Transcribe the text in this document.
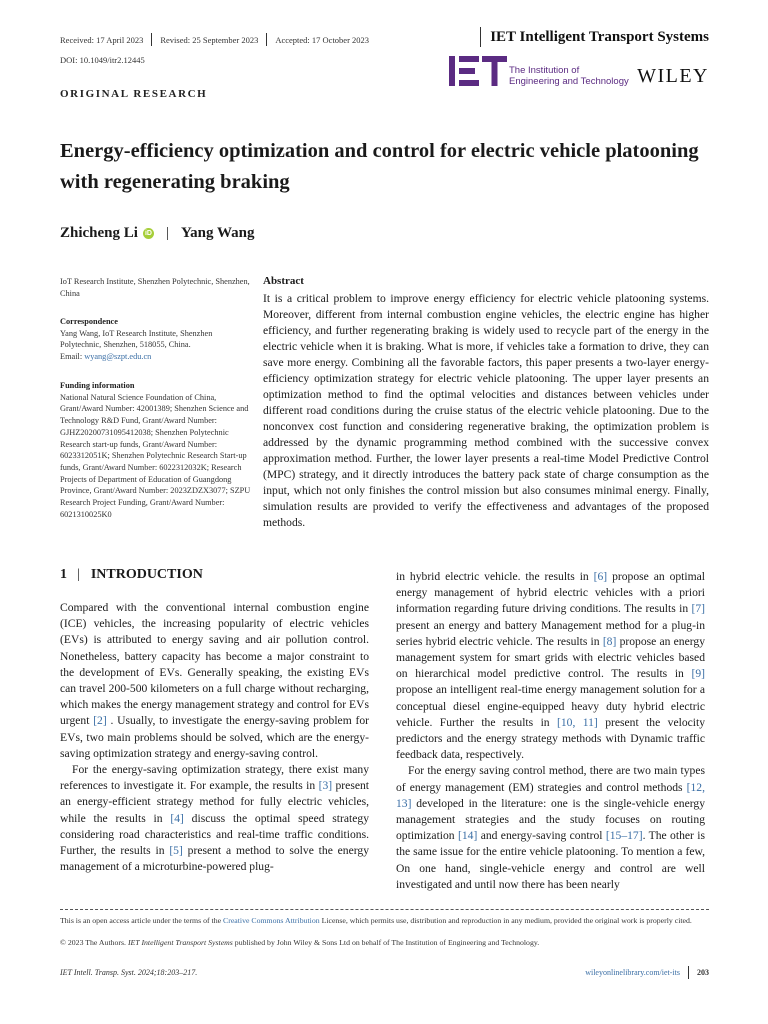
Received: 17 April 2023 Revised: 25 September 2023 Accepted: 17 October 2023	IET Intelligent Transport Systems
DOI: 10.1049/itr2.12445
The Institution of
Engineering and Technology WILEY
ORIGINAL RESEARCH
Energy-efficiency optimization and control for electric vehicle platooning with regenerating braking
Zhicheng Li iD | Yang Wang
IoT Research Institute, Shenzhen Polytechnic, Shenzhen, China
Correspondence
Yang Wang, IoT Research Institute, Shenzhen Polytechnic, Shenzhen, 518055, China.
Email: wyang@szpt.edu.cn
Funding information
National Natural Science Foundation of China, Grant/Award Number: 42001389; Shenzhen Science and Technology R&D Fund, Grant/Award Number: GJHZ20200731095412038; Shenzhen Polytechnic Research start-up funds, Grant/Award Number: 6023312051K; Shenzhen Polytechnic Research Start-up funds, Grant/Award Number: 6022312032K; Research Projects of Department of Education of Guangdong Province, Grant/Award Number: 2023ZDZX3077; SZPU Research Project Funding, Grant/Award Number: 6021310025K0
Abstract

It is a critical problem to improve energy efficiency for electric vehicle platooning systems. Moreover, different from internal combustion engine vehicles, the electric engine has higher efficiency, and further regenerating braking is widely used to recycle part of the energy in the electric vehicle when it is braking. What is more, if vehicles take a formation to drive, they can save more energy. Combining all the favorable factors, this paper presents a two-layer energy-efficiency optimization strategy for electric vehicle platooning. The upper layer presents an optimization method to find the optimal velocities and distances between vehicles under different road conditions during the cruise status of the electric vehicle platooning. Due to the nonconvex cost function and considering regenerative braking, the optimization problem is addressed by the dynamic programming method combined with the successive convex approximation method. Further, the lower layer presents a real-time Model Predictive Control (MPC) strategy, and it directly introduces the battery pack state of charge consumption as the input, which not only finishes the control mission but also consumes minimal energy. Finally, simulation results are provided to verify the effectiveness and advantages of the proposed methods.

1 | INTRODUCTION

Compared with the conventional internal combustion engine (ICE) vehicles, the increasing popularity of electric vehicles (EVs) is attributed to energy saving and air pollution control. Nonetheless, battery capacity has become a major constraint to the development of EVs. Generally speaking, the existing EVs can travel 200-500 kilometers on a full charge without recharging, which makes the energy management strategy and control for EVs urgent [2] . Usually, to investigate the energy-saving problem for EVs, two main problems should be solved, which are the energy-saving optimization strategy and energy-saving control.

For the energy-saving optimization strategy, there exist many references to investigate it. For example, the results in [3] present an energy-efficient strategy method for fully electric vehicles, while the results in [4] discuss the optimal speed strategy considering road characteristics and real-time traffic conditions. Further, the results in [5] present a method to solve the energy management of a microturbine-powered plug-

in hybrid electric vehicle. the results in [6] propose an optimal energy management of hybrid electric vehicles with a priori information regarding future driving conditions. The results in [7] present an energy and battery Management method for a plug-in series hybrid electric vehicle. The results in [8] propose an energy management system for smart grids with electric vehicles based on hierarchical model predictive control. The results in [9] propose an intelligent real-time energy management solution for a conceptual diesel engine-equipped heavy duty hybrid electric vehicle. Further the results in [10, 11] present the velocity predictors and the energy strategy methods with Dynamic traffic feedback data, respectively.

For the energy saving control method, there are two main types of energy management (EM) strategies and control methods [12, 13] developed in the literature: one is the single-vehicle energy management strategies and the study focuses on routing optimization [14] and energy-saving control [15–17]. The other is the same issue for the entire vehicle platooning. To mention a few, On one hand, single-vehicle energy and control are well investigated and until now there has been nearly

This is an open access article under the terms of the Creative Commons Attribution License, which permits use, distribution and reproduction in any medium, provided the original work is properly cited.

© 2023 The Authors. IET Intelligent Transport Systems published by John Wiley & Sons Ltd on behalf of The Institution of Engineering and Technology.

IET Intell. Transp. Syst. 2024;18:203–217.	wileyonlinelibrary.com/iet-its 203
